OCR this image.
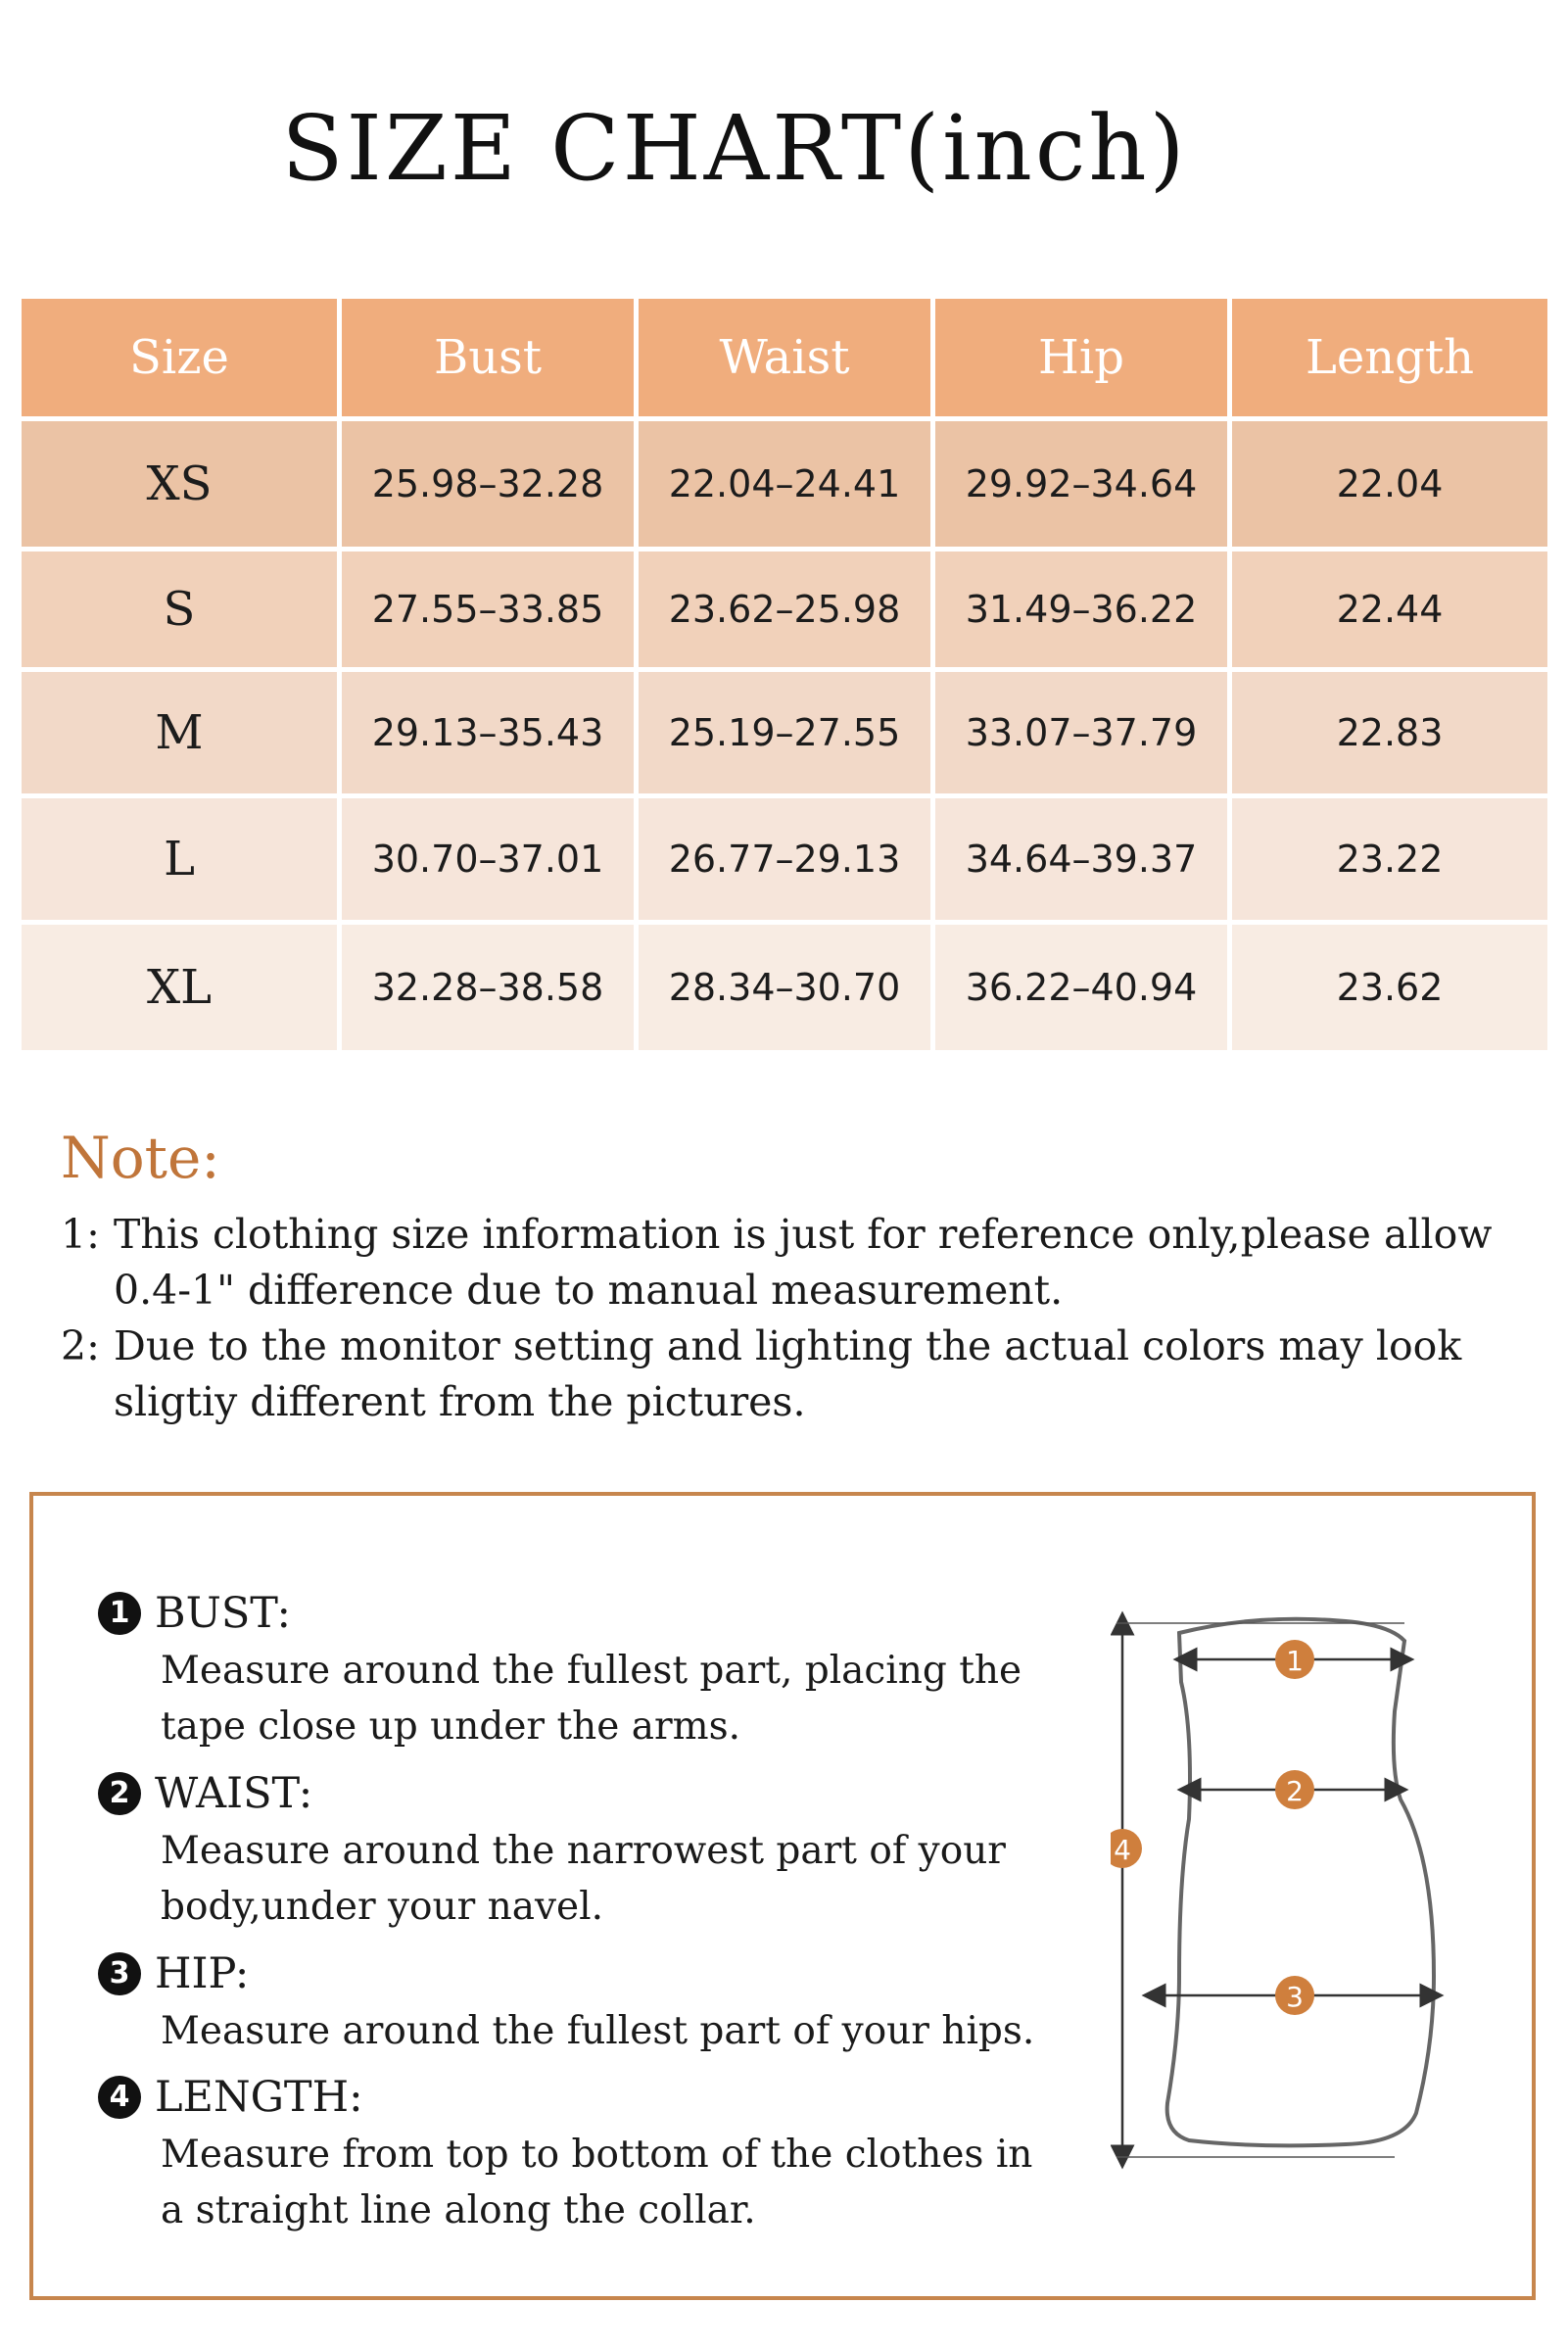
SIZE CHART(inch)
Size	Bust	Waist	Hip	Length
XS	25.98–32.28	22.04–24.41	29.92–34.64	22.04
S	27.55–33.85	23.62–25.98	31.49–36.22	22.44
M	29.13–35.43	25.19–27.55	33.07–37.79	22.83
L	30.70–37.01	26.77–29.13	34.64–39.37	23.22
XL	32.28–38.58	28.34–30.70	36.22–40.94	23.62
Note:
1: This clothing size information is just for reference only,please allow
0.4-1" difference due to manual measurement.
2: Due to the monitor setting and lighting the actual colors may look
sligtiy different from the pictures.
1 BUST:
Measure around the fullest part, placing the
tape close up under the arms.
2 WAIST:
Measure around the narrowest part of your
body,under your navel.
3 HIP:
Measure around the fullest part of your hips.
4 LENGTH:
Measure from top to bottom of the clothes in
a straight line along the collar.
1
2
3
4
